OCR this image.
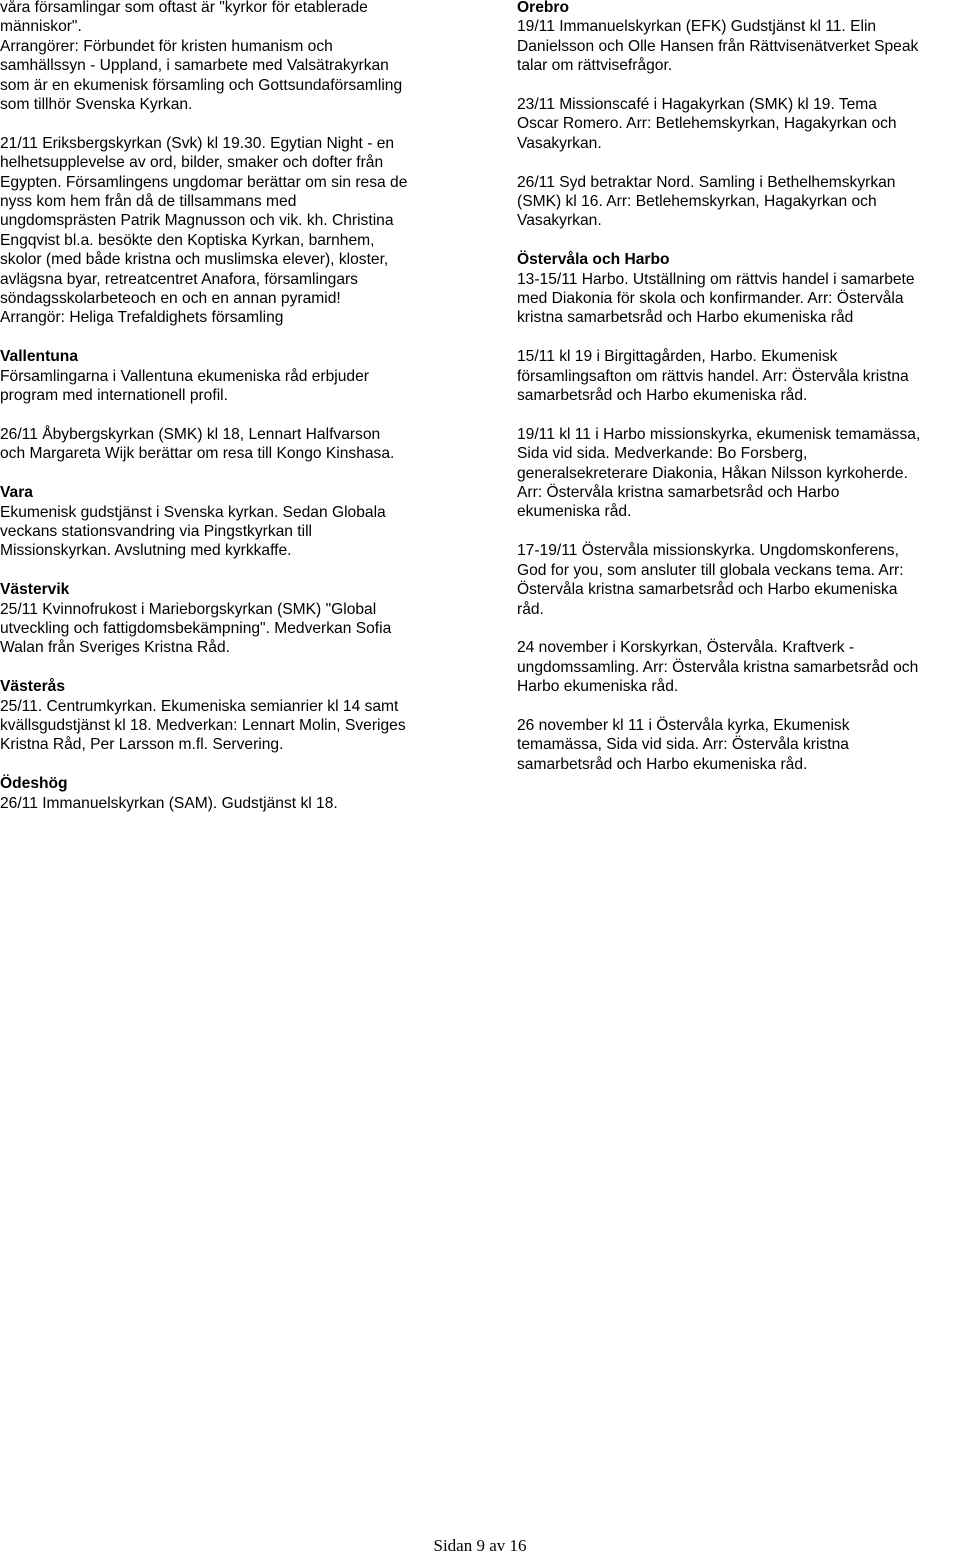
våra församlingar som oftast är "kyrkor för etablerade
människor".
Arrangörer: Förbundet för kristen humanism och
samhällssyn - Uppland, i samarbete med Valsätrakyrkan
som är en ekumenisk församling och Gottsundaförsamling
som tillhör Svenska Kyrkan.
21/11 Eriksbergskyrkan (Svk) kl 19.30. Egytian Night - en
helhetsupplevelse av ord, bilder, smaker och dofter från
Egypten. Församlingens ungdomar berättar om sin resa de
nyss kom hem från då de tillsammans med
ungdomsprästen Patrik Magnusson och vik. kh. Christina
Engqvist bl.a. besökte den Koptiska Kyrkan, barnhem,
skolor (med både kristna och muslimska elever), kloster,
avlägsna byar, retreatcentret Anafora, församlingars
söndagsskolarbeteoch en och en annan pyramid!
Arrangör: Heliga Trefaldighets församling
Vallentuna
Församlingarna i Vallentuna ekumeniska råd erbjuder
program med internationell profil.
26/11 Åbybergskyrkan (SMK) kl 18, Lennart Halfvarson
och Margareta Wijk berättar om resa till Kongo Kinshasa.
Vara
Ekumenisk gudstjänst i Svenska kyrkan. Sedan Globala
veckans stationsvandring via Pingstkyrkan till
Missionskyrkan. Avslutning med kyrkkaffe.
Västervik
25/11 Kvinnofrukost i Marieborgskyrkan (SMK) "Global
utveckling och fattigdomsbekämpning". Medverkan Sofia
Walan från Sveriges Kristna Råd.
Västerås
25/11. Centrumkyrkan. Ekumeniska semianrier kl 14 samt
kvällsgudstjänst kl 18. Medverkan: Lennart Molin, Sveriges
Kristna Råd, Per Larsson m.fl. Servering.
Ödeshög
26/11 Immanuelskyrkan (SAM). Gudstjänst kl 18.
Örebro
19/11 Immanuelskyrkan (EFK) Gudstjänst kl 11. Elin
Danielsson och Olle Hansen från Rättvisenätverket Speak
talar om rättvisefrågor.
23/11 Missionscafé i Hagakyrkan (SMK) kl 19. Tema
Oscar Romero. Arr: Betlehemskyrkan, Hagakyrkan och
Vasakyrkan.
26/11 Syd betraktar Nord. Samling i Bethelhemskyrkan
(SMK) kl 16. Arr: Betlehemskyrkan, Hagakyrkan och
Vasakyrkan.
Östervåla och Harbo
13-15/11 Harbo. Utställning om rättvis handel i samarbete
med Diakonia för skola och konfirmander. Arr: Östervåla
kristna samarbetsråd och Harbo ekumeniska råd
15/11 kl 19 i Birgittagården, Harbo. Ekumenisk
församlingsafton om rättvis handel. Arr: Östervåla kristna
samarbetsråd och Harbo ekumeniska råd.
19/11 kl 11 i Harbo missionskyrka, ekumenisk temamässa,
Sida vid sida. Medverkande: Bo Forsberg,
generalsekreterare Diakonia, Håkan Nilsson kyrkoherde.
Arr: Östervåla kristna samarbetsråd och Harbo
ekumeniska råd.
17-19/11 Östervåla missionskyrka. Ungdomskonferens,
God for you, som ansluter till globala veckans tema. Arr:
Östervåla kristna samarbetsråd och Harbo ekumeniska
råd.
24 november i Korskyrkan, Östervåla. Kraftverk -
ungdomssamling. Arr: Östervåla kristna samarbetsråd och
Harbo ekumeniska råd.
26 november kl 11 i Östervåla kyrka, Ekumenisk
temamässa, Sida vid sida. Arr: Östervåla kristna
samarbetsråd och Harbo ekumeniska råd.
Sidan 9 av 16
